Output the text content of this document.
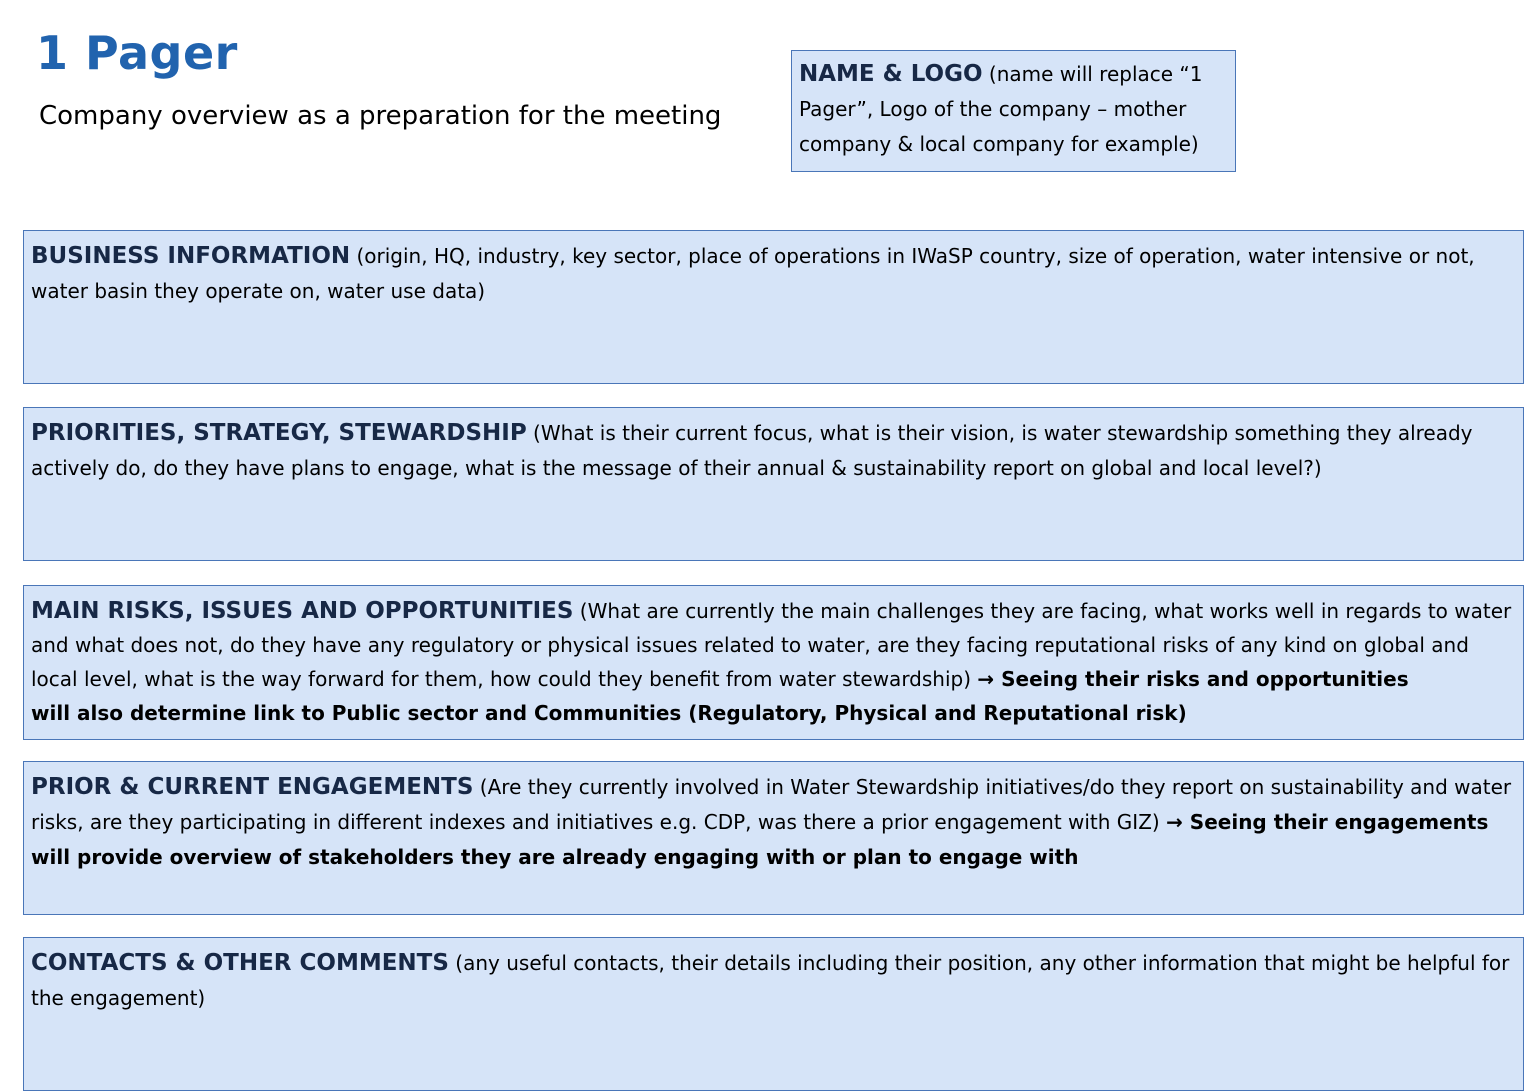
1 Pager
Company overview as a preparation for the meeting
NAME & LOGO (name will replace “1 Pager”, Logo of the company – mother company & local company for example)
BUSINESS INFORMATION (origin, HQ, industry, key sector, place of operations in IWaSP country, size of operation, water intensive or not, water basin they operate on, water use data)
PRIORITIES, STRATEGY, STEWARDSHIP (What is their current focus, what is their vision, is water stewardship something they already actively do, do they have plans to engage, what is the message of their annual & sustainability report on global and local level?)
MAIN RISKS, ISSUES AND OPPORTUNITIES (What are currently the main challenges they are facing, what works well in regards to water and what does not, do they have any regulatory or physical issues related to water, are they facing reputational risks of any kind on global and local level, what is the way forward for them, how could they benefit from water stewardship) → Seeing their risks and opportunities
will also determine link to Public sector and Communities (Regulatory, Physical and Reputational risk)
PRIOR & CURRENT ENGAGEMENTS (Are they currently involved in Water Stewardship initiatives/do they report on sustainability and water risks, are they participating in different indexes and initiatives e.g. CDP, was there a prior engagement with GIZ) → Seeing their engagements will provide overview of stakeholders they are already engaging with or plan to engage with
CONTACTS & OTHER COMMENTS (any useful contacts, their details including their position, any other information that might be helpful for the engagement)
